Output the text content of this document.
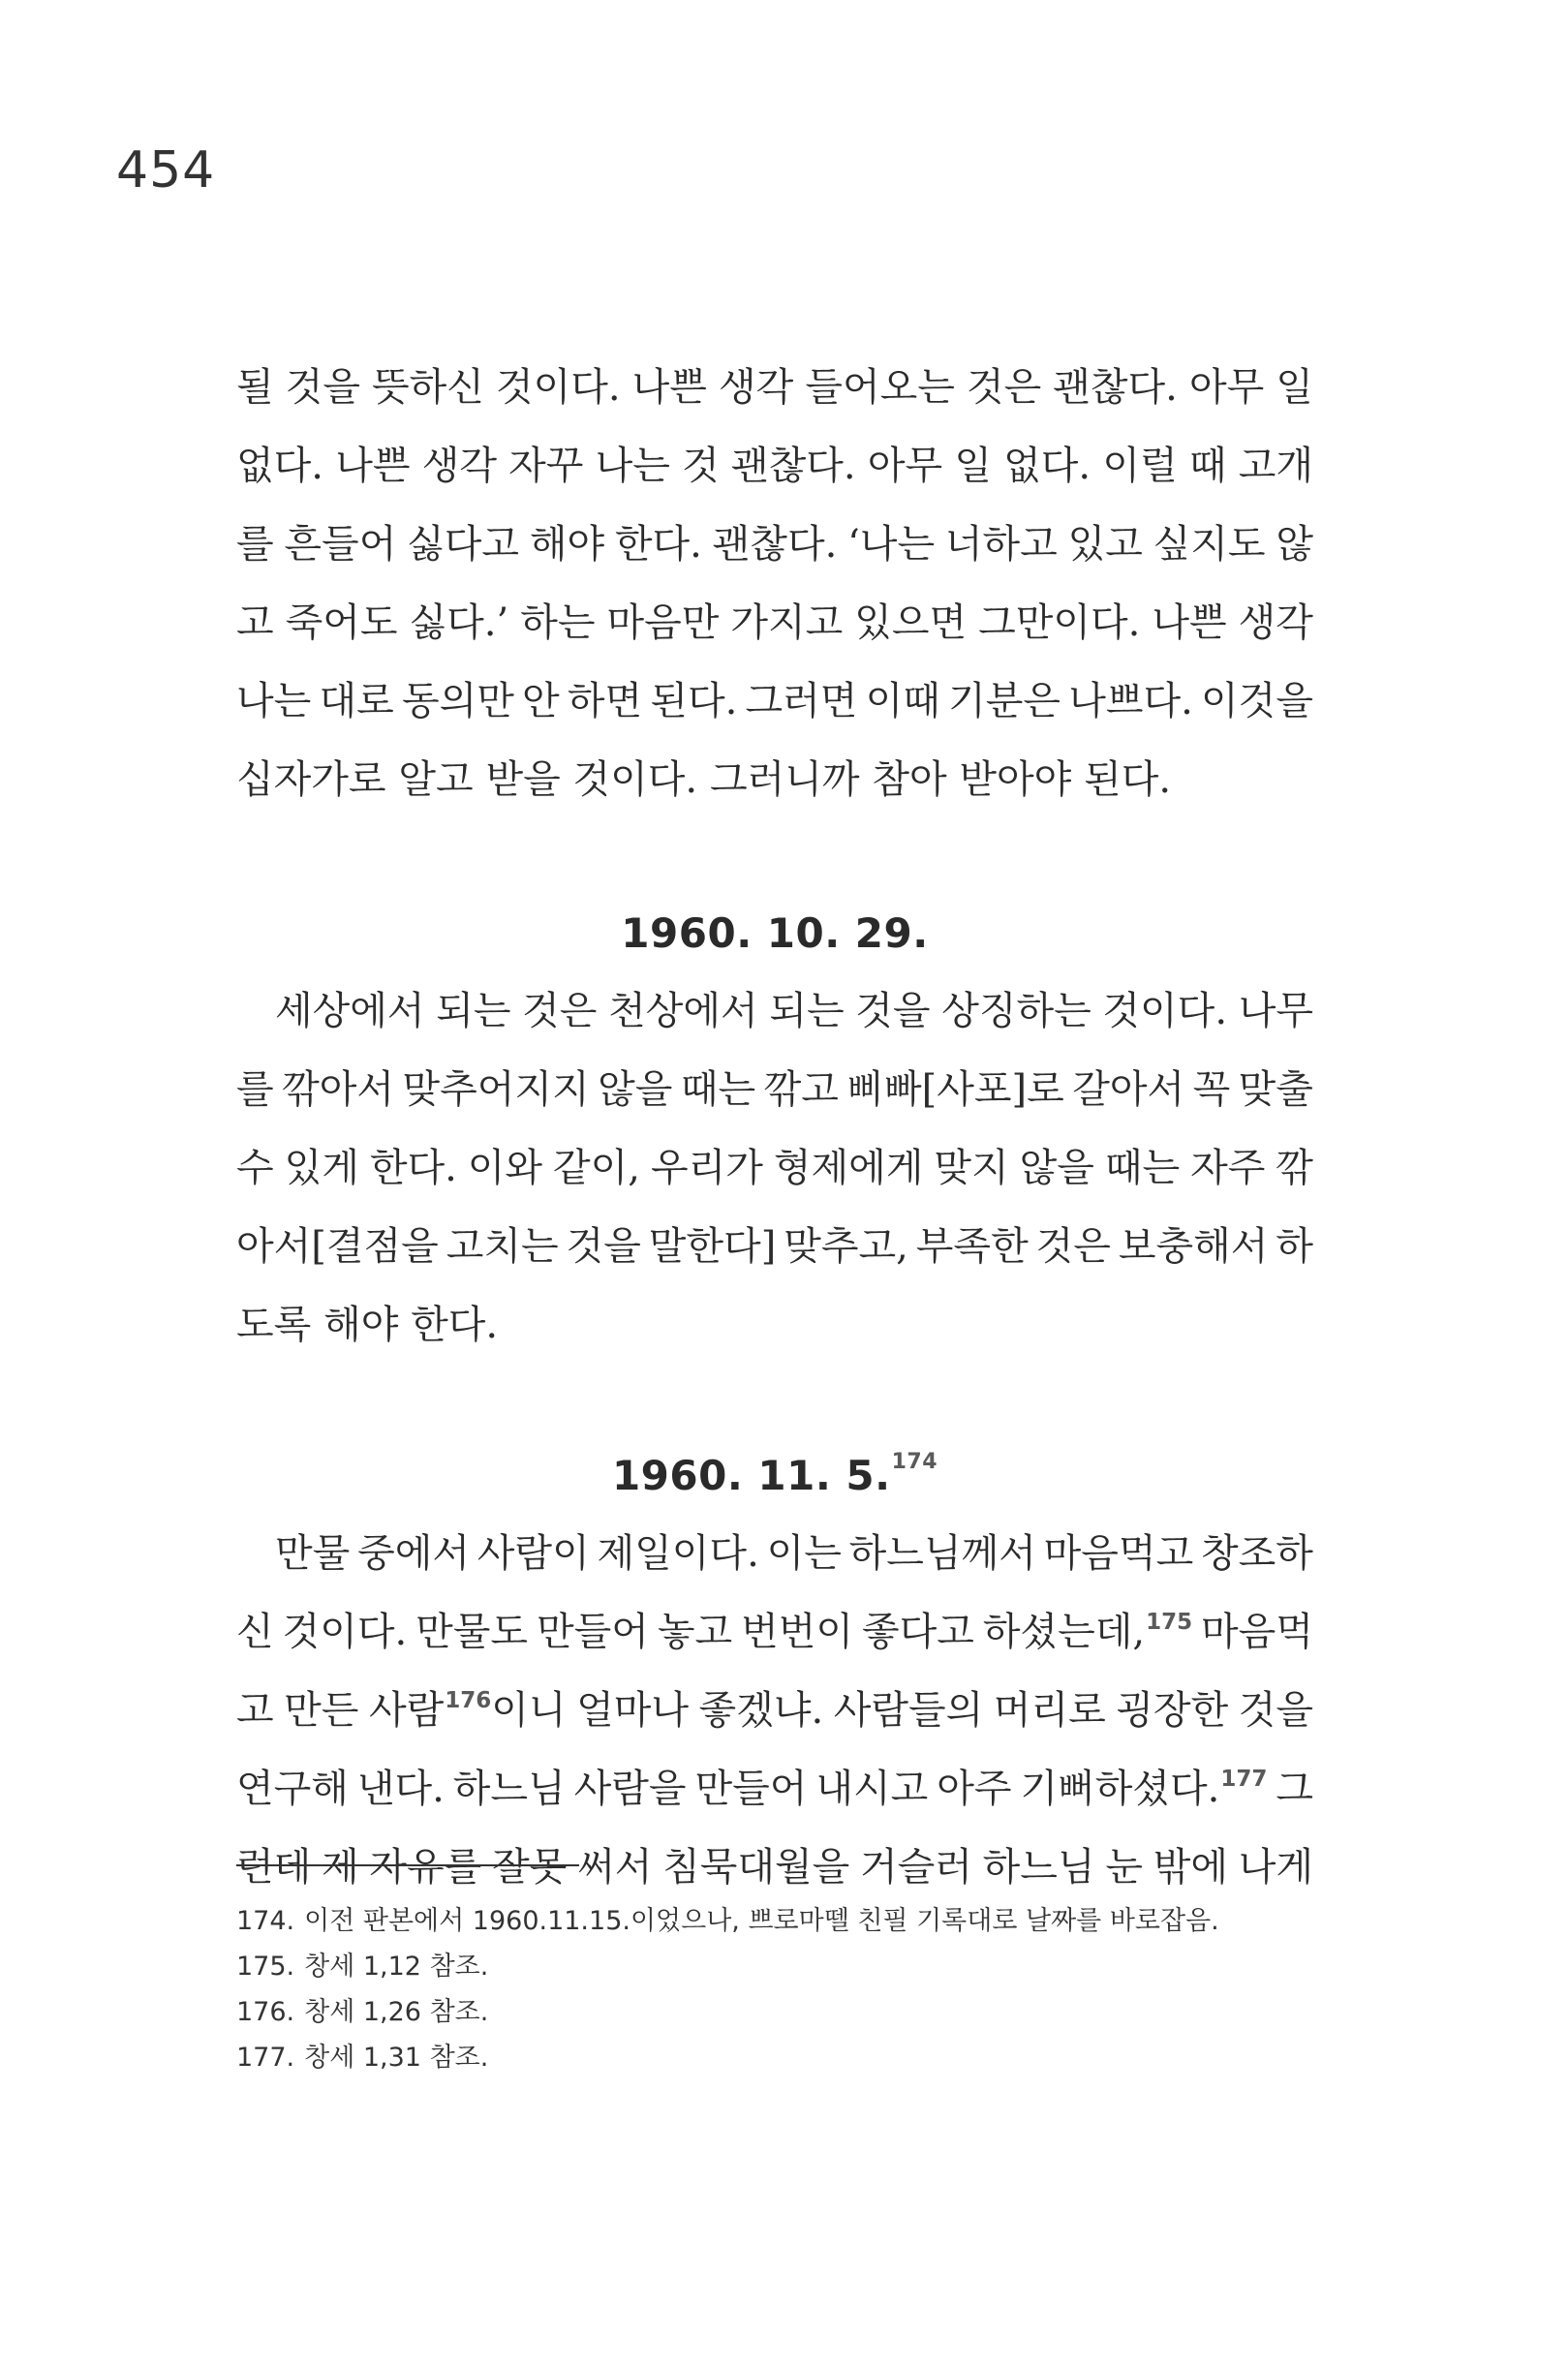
454
될 것을 뜻하신 것이다. 나쁜 생각 들어오는 것은 괜찮다. 아무 일
없다. 나쁜 생각 자꾸 나는 것 괜찮다. 아무 일 없다. 이럴 때 고개
를 흔들어 싫다고 해야 한다. 괜찮다. ‘나는 너하고 있고 싶지도 않
고 죽어도 싫다.’ 하는 마음만 가지고 있으면 그만이다. 나쁜 생각
나는 대로 동의만 안 하면 된다. 그러면 이때 기분은 나쁘다. 이것을
십자가로 알고 받을 것이다. 그러니까 참아 받아야 된다.
1960. 10. 29.
세상에서 되는 것은 천상에서 되는 것을 상징하는 것이다. 나무
를 깎아서 맞추어지지 않을 때는 깎고 삐빠[사포]로 갈아서 꼭 맞출
수 있게 한다. 이와 같이, 우리가 형제에게 맞지 않을 때는 자주 깎
아서[결점을 고치는 것을 말한다] 맞추고, 부족한 것은 보충해서 하
도록 해야 한다.
1960. 11. 5.$^{174}$
만물 중에서 사람이 제일이다. 이는 하느님께서 마음먹고 창조하
신 것이다. 만물도 만들어 놓고 번번이 좋다고 하셨는데,$^{175}$ 마음먹
고 만든 사람$^{176}$이니 얼마나 좋겠냐. 사람들의 머리로 굉장한 것을
연구해 낸다. 하느님 사람을 만들어 내시고 아주 기뻐하셨다.$^{177}$ 그
런데 제 자유를 잘못 써서 침묵대월을 거슬러 하느님 눈 밖에 나게
174. 이전 판본에서 1960.11.15.이었으나, 쁘로마뗄 친필 기록대로 날짜를 바로잡음.
175. 창세 1,12 참조.
176. 창세 1,26 참조.
177. 창세 1,31 참조.
